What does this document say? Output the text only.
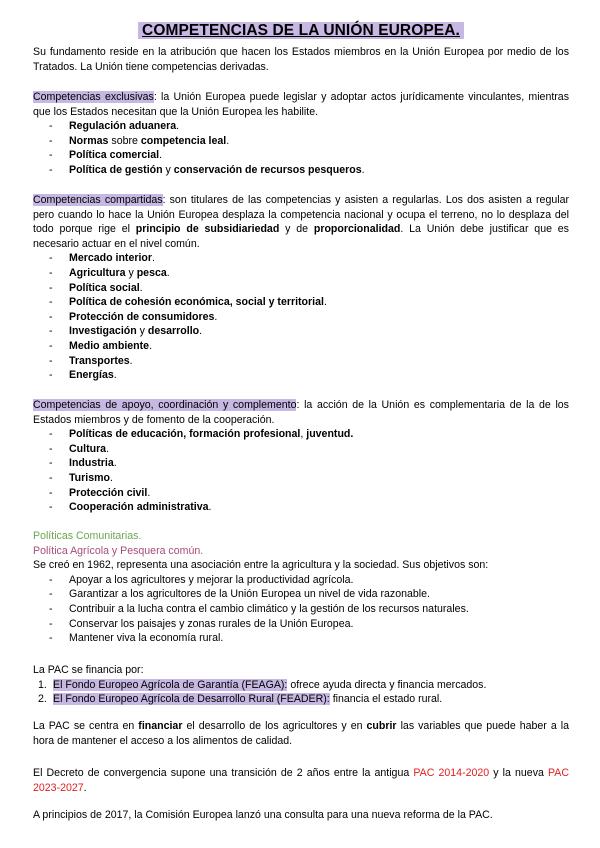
COMPETENCIAS DE LA UNIÓN EUROPEA.
Su fundamento reside en la atribución que hacen los Estados miembros en la Unión Europea por medio de los Tratados. La Unión tiene competencias derivadas.
Competencias exclusivas: la Unión Europea puede legislar y adoptar actos jurídicamente vinculantes, mientras que los Estados necesitan que la Unión Europea les habilite.
- Regulación aduanera.
- Normas sobre competencia leal.
- Política comercial.
- Política de gestión y conservación de recursos pesqueros.
Competencias compartidas: son titulares de las competencias y asisten a regularlas. Los dos asisten a regular pero cuando lo hace la Unión Europea desplaza la competencia nacional y ocupa el terreno, no lo desplaza del todo porque rige el principio de subsidiariedad y de proporcionalidad. La Unión debe justificar que es necesario actuar en el nivel común.
- Mercado interior.
- Agricultura y pesca.
- Política social.
- Política de cohesión económica, social y territorial.
- Protección de consumidores.
- Investigación y desarrollo.
- Medio ambiente.
- Transportes.
- Energías.
Competencias de apoyo, coordinación y complemento: la acción de la Unión es complementaria de la de los Estados miembros y de fomento de la cooperación.
- Políticas de educación, formación profesional, juventud.
- Cultura.
- Industria.
- Turismo.
- Protección civil.
- Cooperación administrativa.
Políticas Comunitarias.
Política Agrícola y Pesquera común.
Se creó en 1962, representa una asociación entre la agricultura y la sociedad. Sus objetivos son:
- Apoyar a los agricultores y mejorar la productividad agrícola.
- Garantizar a los agricultores de la Unión Europea un nivel de vida razonable.
- Contribuir a la lucha contra el cambio climático y la gestión de los recursos naturales.
- Conservar los paisajes y zonas rurales de la Unión Europea.
- Mantener viva la economía rural.
La PAC se financia por:
1. El Fondo Europeo Agrícola de Garantía (FEAGA): ofrece ayuda directa y financia mercados.
2. El Fondo Europeo Agrícola de Desarrollo Rural (FEADER): financia el estado rural.
La PAC se centra en financiar el desarrollo de los agricultores y en cubrir las variables que puede haber a la hora de mantener el acceso a los alimentos de calidad.
El Decreto de convergencia supone una transición de 2 años entre la antigua PAC 2014-2020 y la nueva PAC 2023-2027.
A principios de 2017, la Comisión Europea lanzó una consulta para una nueva reforma de la PAC.
